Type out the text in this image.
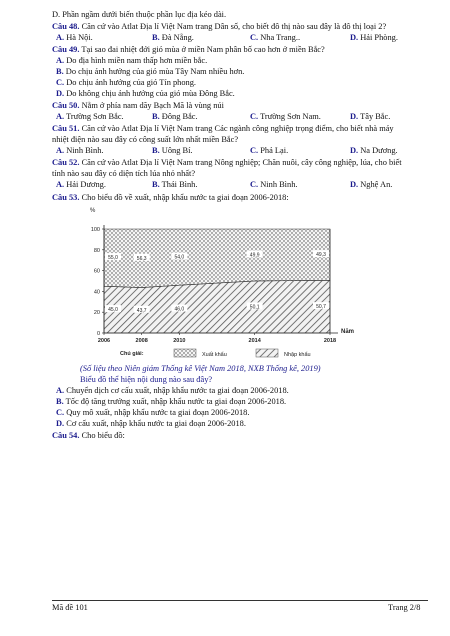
D. Phần ngầm dưới biến thuộc phần lục địa kéo dài.
Câu 48. Căn cứ vào Atlat Địa lí Việt Nam trang Dân số, cho biết đô thị nào sau đây là đô thị loại 2?
A. Hà Nội.	B. Đà Nẵng.	C. Nha Trang..	D. Hải Phòng.
Câu 49. Tại sao đai nhiệt đới gió mùa ở miền Nam phân bố cao hơn ở miền Bắc?
A. Do địa hình miền nam thấp hơn miền bắc.
B. Do chịu ảnh hưởng của gió mùa Tây Nam nhiều hơn.
C. Do chịu ảnh hưởng của gió Tín phong.
D. Do không chịu ảnh hưởng của gió mùa Đông Bắc.
Câu 50. Nằm ở phía nam dãy Bạch Mã là vùng núi
A. Trường Sơn Bắc.	B. Đông Bắc.	C. Trường Sơn Nam.	D. Tây Bắc.
Câu 51. Căn cứ vào Atlat Địa lí Việt Nam trang Các ngành công nghiệp trọng điểm, cho biết nhà máy
nhiệt điện nào sau đây có công suất lớn nhất miền Bắc?
A. Ninh Bình.	B. Uông Bí.	C. Phả Lại.	D. Na Dương.
Câu 52. Căn cứ vào Atlat Địa lí Việt Nam trang Nông nghiệp; Chăn nuôi, cây công nghiệp, lúa, cho biết
tỉnh nào sau đây có diện tích lúa nhỏ nhất?
A. Hải Dương.	B. Thái Bình.	C. Ninh Bình.	D. Nghệ An.
Câu 53. Cho biểu đồ về xuất, nhập khẩu nước ta giai đoạn 2006-2018:
0
20
40
60
80
100
2006	2008	2010	2014	2018
45,0
55,0
43,7
56,3
46,0
54,0
50,1
49,9
50,7
49,3
%
Năm
Chú giải:	Xuất khẩu	Nhập khẩu
(Số liệu theo Niên giám Thống kê Việt Nam 2018, NXB Thống kê, 2019)
Biểu đồ thể hiện nội dung nào sau đây?
A. Chuyển dịch cơ cấu xuất, nhập khẩu nước ta giai đoạn 2006-2018.
B. Tốc độ tăng trưởng xuất, nhập khẩu nước ta giai đoạn 2006-2018.
C. Quy mô xuất, nhập khẩu nước ta giai đoạn 2006-2018.
D. Cơ cấu xuất, nhập khẩu nước ta giai đoạn 2006-2018.
Câu 54. Cho biểu đồ:
Mã đề 101	Trang 2/8
